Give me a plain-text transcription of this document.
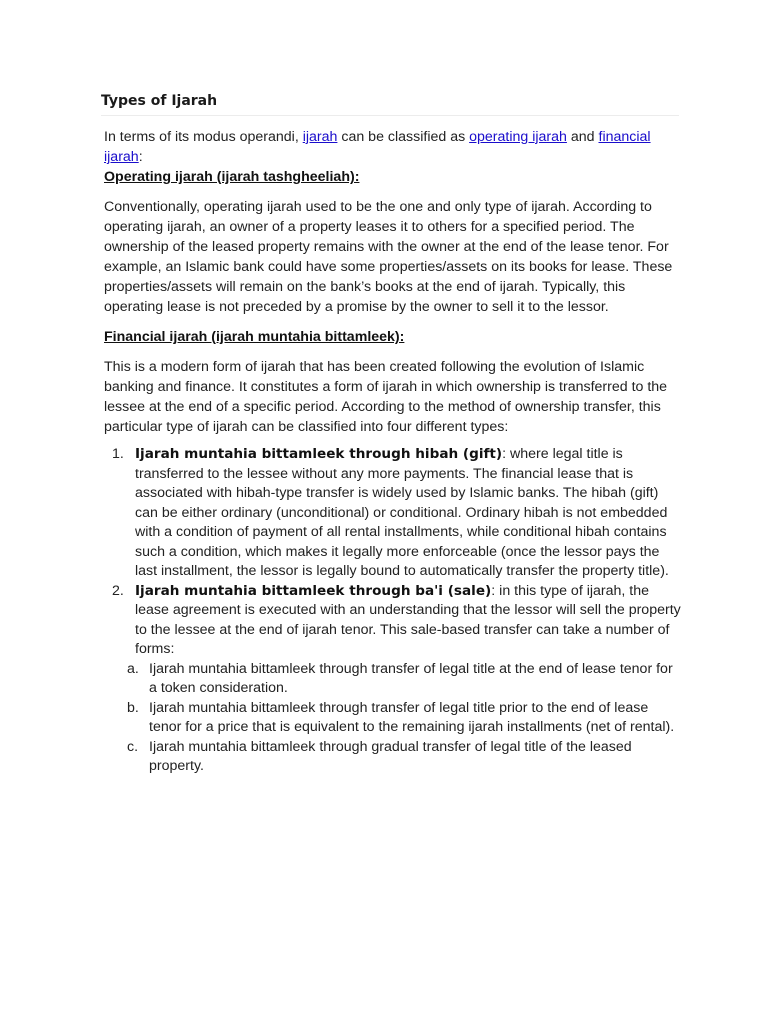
Types of Ijarah

In terms of its modus operandi, ijarah can be classified as operating ijarah and financial ijarah:

Operating ijarah (ijarah tashgheeliah):

Conventionally, operating ijarah used to be the one and only type of ijarah. According to operating ijarah, an owner of a property leases it to others for a specified period. The ownership of the leased property remains with the owner at the end of the lease tenor. For example, an Islamic bank could have some properties/assets on its books for lease. These properties/assets will remain on the bank’s books at the end of ijarah. Typically, this operating lease is not preceded by a promise by the owner to sell it to the lessor.

Financial ijarah (ijarah muntahia bittamleek):

This is a modern form of ijarah that has been created following the evolution of Islamic banking and finance. It constitutes a form of ijarah in which ownership is transferred to the lessee at the end of a specific period. According to the method of ownership transfer, this particular type of ijarah can be classified into four different types:

1. Ijarah muntahia bittamleek through hibah (gift): where legal title is transferred to the lessee without any more payments. The financial lease that is associated with hibah-type transfer is widely used by Islamic banks. The hibah (gift) can be either ordinary (unconditional) or conditional. Ordinary hibah is not embedded with a condition of payment of all rental installments, while conditional hibah contains such a condition, which makes it legally more enforceable (once the lessor pays the last installment, the lessor is legally bound to automatically transfer the property title).
2. Ijarah muntahia bittamleek through ba'i (sale): in this type of ijarah, the lease agreement is executed with an understanding that the lessor will sell the property to the lessee at the end of ijarah tenor. This sale-based transfer can take a number of forms:
a. Ijarah muntahia bittamleek through transfer of legal title at the end of lease tenor for a token consideration.
b. Ijarah muntahia bittamleek through transfer of legal title prior to the end of lease tenor for a price that is equivalent to the remaining ijarah installments (net of rental).
c. Ijarah muntahia bittamleek through gradual transfer of legal title of the leased property.
